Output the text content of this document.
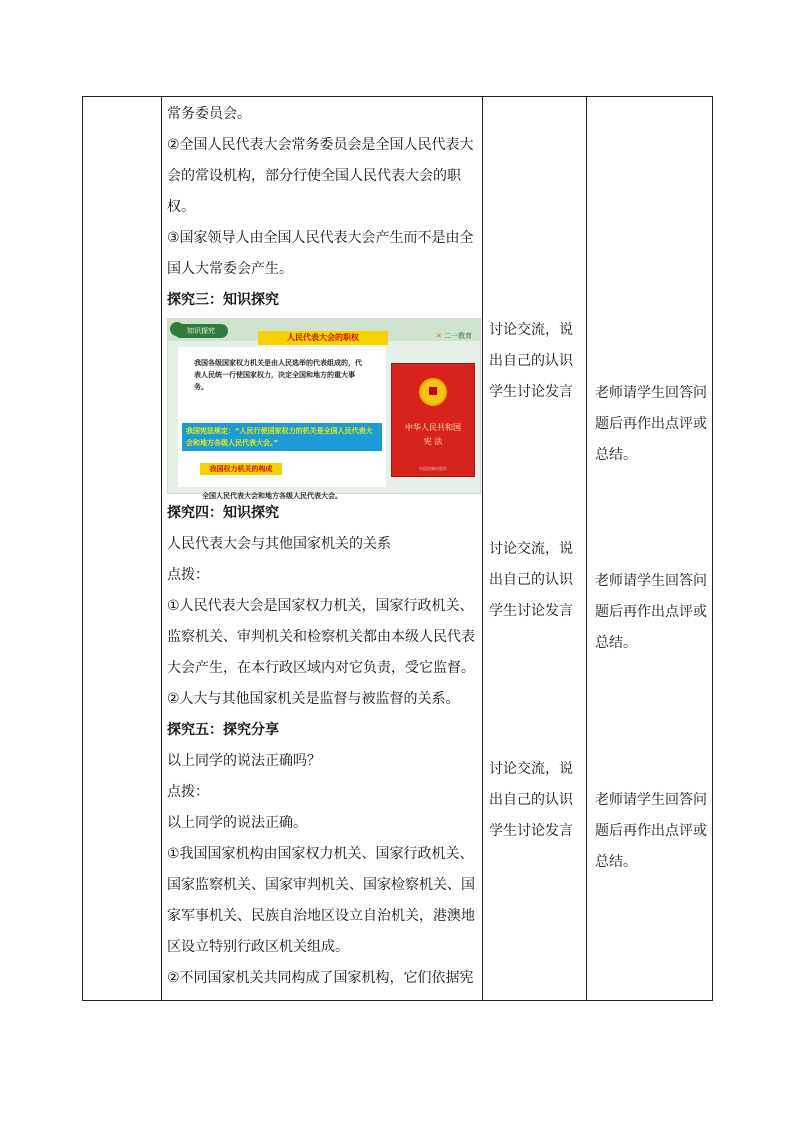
常务委员会。
②全国人民代表大会常务委员会是全国人民代表大
会的常设机构，部分行使全国人民代表大会的职
权。
③国家领导人由全国人民代表大会产生而不是由全
国人大常委会产生。
探究三：知识探究
知识探究
人民代表大会的职权	✕ 二一教育
我国各级国家权力机关是由人民选举的代表组成的，代表人民统一行使国家权力，决定全国和地方的重大事务。
我国宪法规定：“人民行使国家权力的机关是全国人民代表大会和地方各级人民代表大会。”
我国权力机关的构成
全国人民代表大会和地方各级人民代表大会。
中华人民共和国
宪 法
中国法制出版社
探究四：知识探究
人民代表大会与其他国家机关的关系
点拨：
①人民代表大会是国家权力机关，国家行政机关、
监察机关、审判机关和检察机关都由本级人民代表
大会产生，在本行政区域内对它负责，受它监督。
②人大与其他国家机关是监督与被监督的关系。
探究五：探究分享
以上同学的说法正确吗？
点拨：
以上同学的说法正确。
①我国国家机构由国家权力机关、国家行政机关、
国家监察机关、国家审判机关、国家检察机关、国
家军事机关、民族自治地区设立自治机关，港澳地
区设立特别行政区机关组成。
②不同国家机关共同构成了国家机构，它们依据宪
讨论交流，说
出自己的认识
学生讨论发言
讨论交流，说
出自己的认识
学生讨论发言
讨论交流，说
出自己的认识
学生讨论发言
老师请学生回答问
题后再作出点评或
总结。
老师请学生回答问
题后再作出点评或
总结。
老师请学生回答问
题后再作出点评或
总结。
